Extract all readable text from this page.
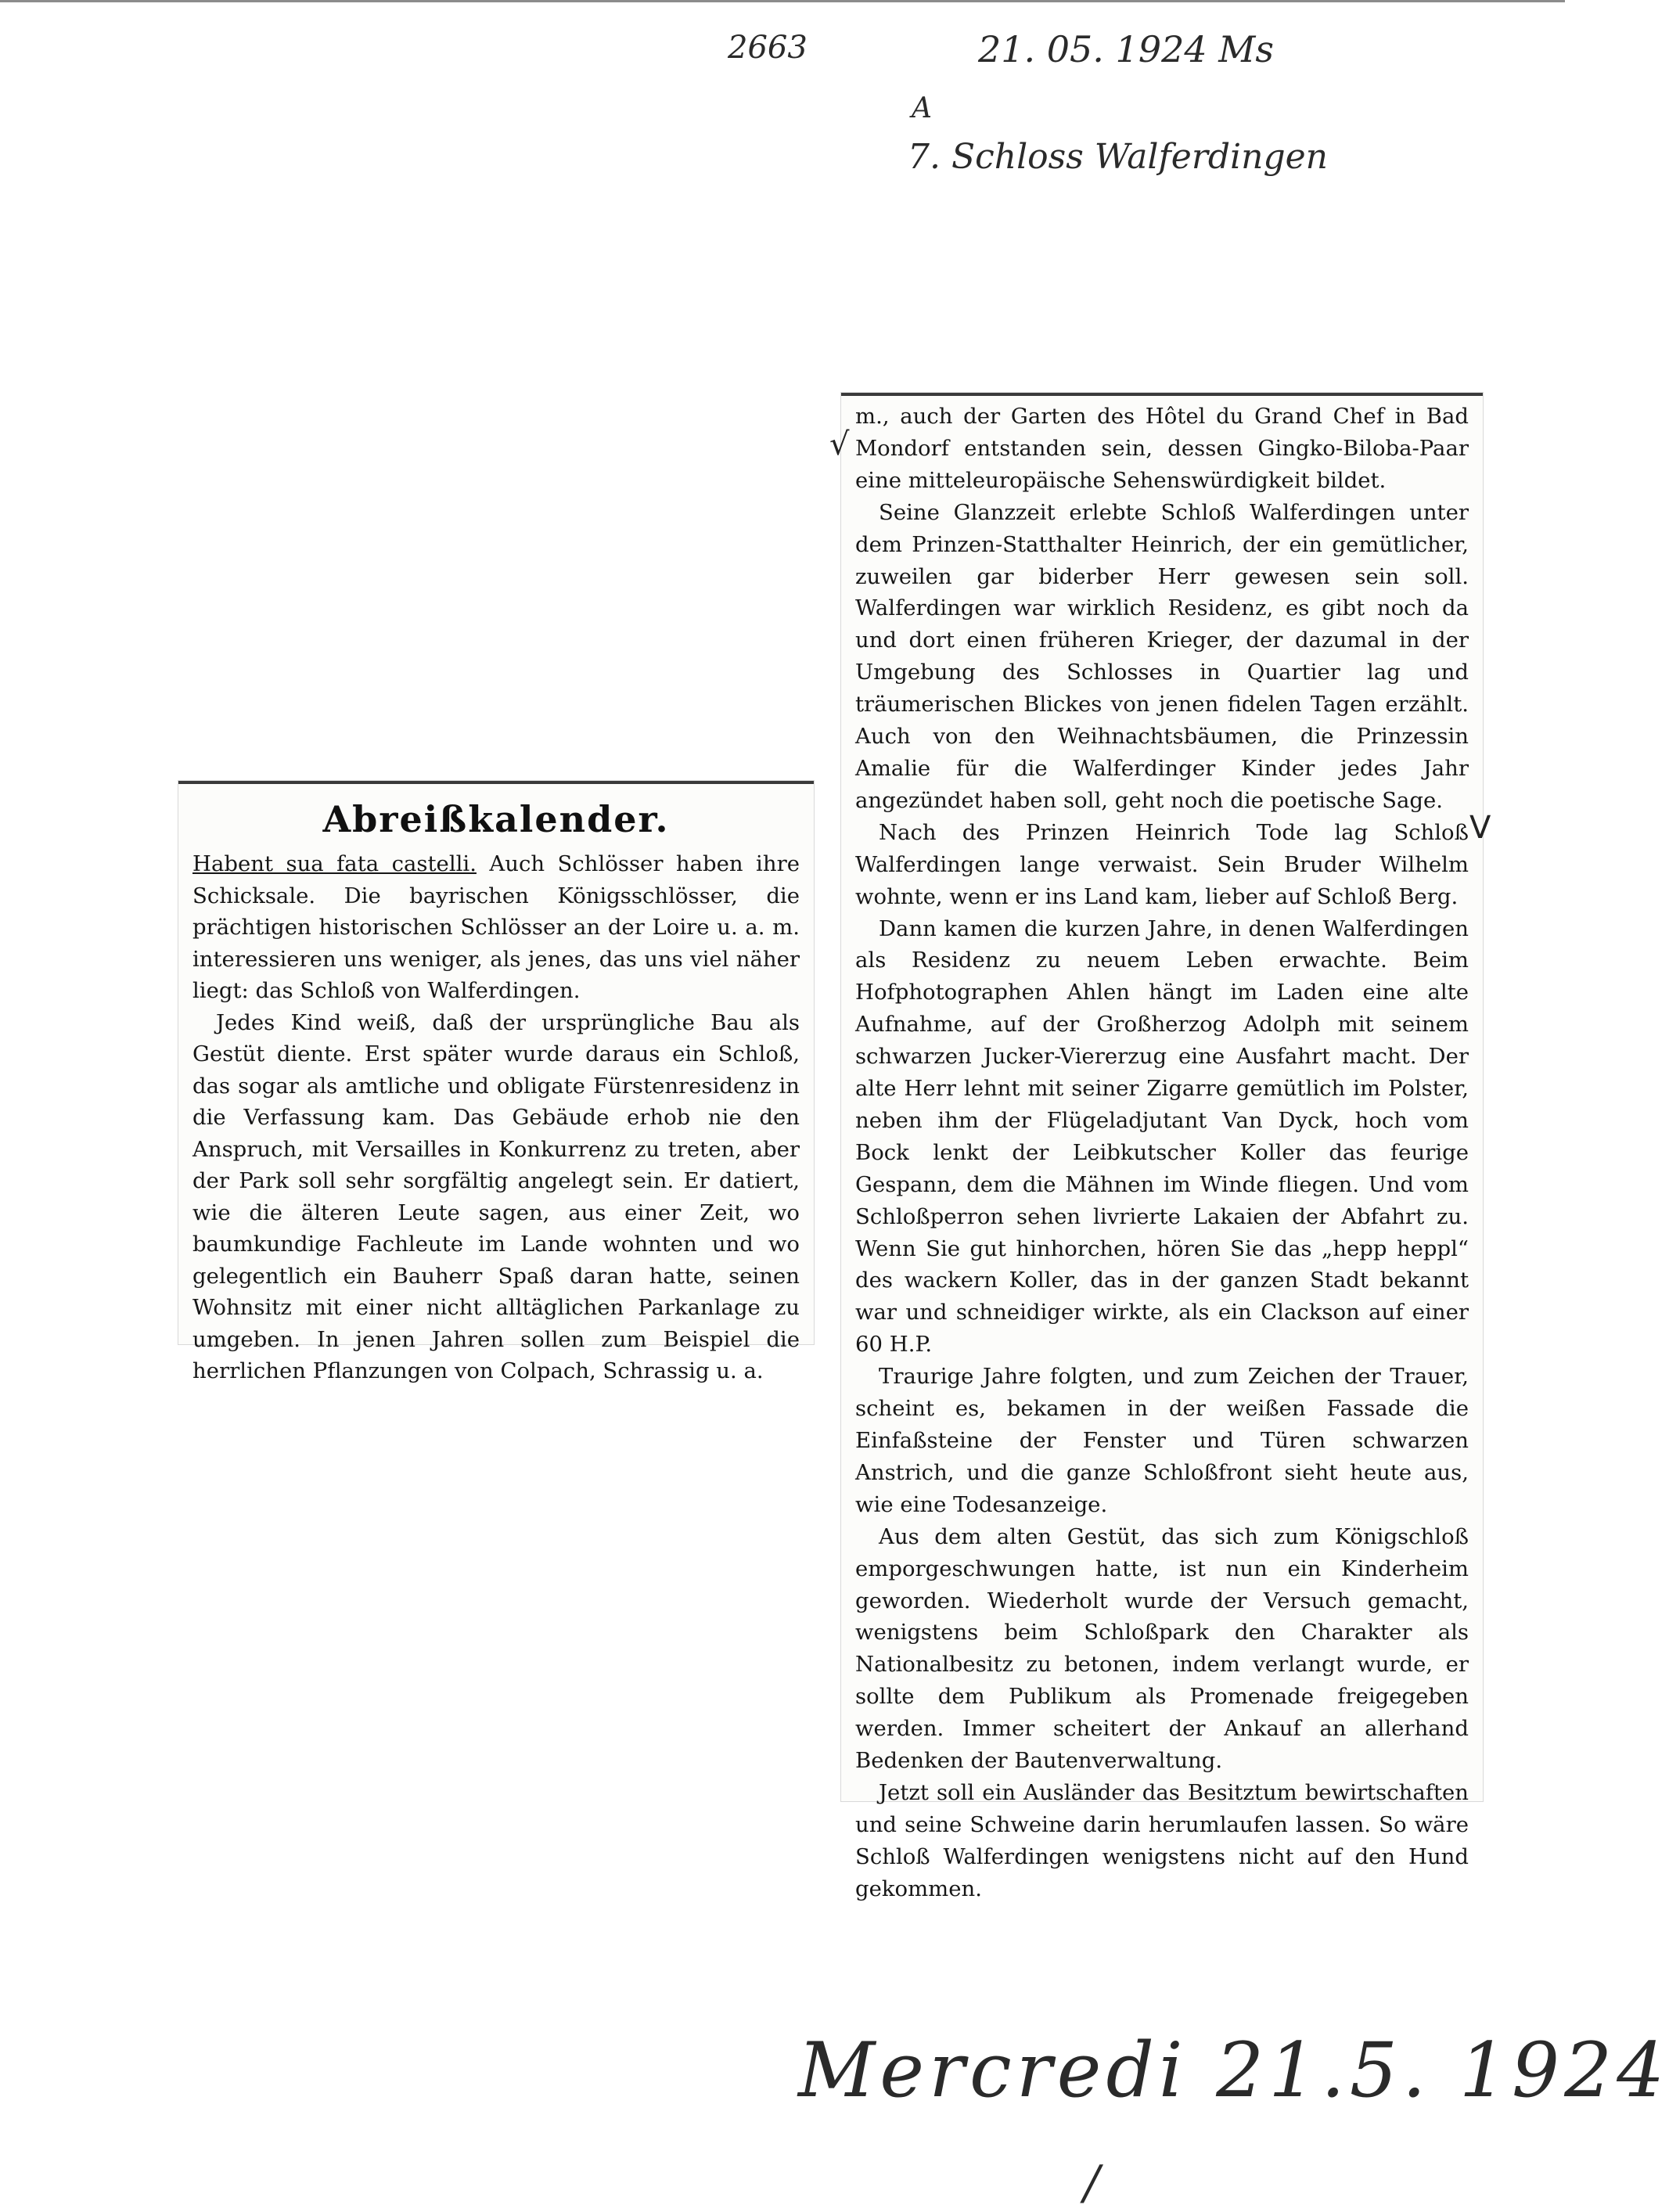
2663	21. 05. 1924 Ms
A
7. Schloss Walferdingen
Abreißkalender.

Habent sua fata castelli. Auch Schlösser haben ihre Schicksale. Die bayrischen Königsschlösser, die prächtigen historischen Schlösser an der Loire u. a. m. interessieren uns weniger, als jenes, das uns viel näher liegt: das Schloß von Walferdingen.

Jedes Kind weiß, daß der ursprüngliche Bau als Gestüt diente. Erst später wurde daraus ein Schloß, das sogar als amtliche und obligate Fürstenresidenz in die Verfassung kam. Das Gebäude erhob nie den Anspruch, mit Versailles in Konkurrenz zu treten, aber der Park soll sehr sorgfältig angelegt sein. Er datiert, wie die älteren Leute sagen, aus einer Zeit, wo baumkundige Fachleute im Lande wohnten und wo gelegentlich ein Bauherr Spaß daran hatte, seinen Wohnsitz mit einer nicht alltäglichen Parkanlage zu umgeben. In jenen Jahren sollen zum Beispiel die herrlichen Pflanzungen von Colpach, Schrassig u. a.

m., auch der Garten des Hôtel du Grand Chef in Bad Mondorf entstanden sein, dessen Gingko-Biloba-Paar eine mitteleuropäische Sehenswürdigkeit bildet.

Seine Glanzzeit erlebte Schloß Walferdingen unter dem Prinzen-Statthalter Heinrich, der ein gemütlicher, zuweilen gar biderber Herr gewesen sein soll. Walferdingen war wirklich Residenz, es gibt noch da und dort einen früheren Krieger, der dazumal in der Umgebung des Schlosses in Quartier lag und träumerischen Blickes von jenen fidelen Tagen erzählt. Auch von den Weihnachtsbäumen, die Prinzessin Amalie für die Walferdinger Kinder jedes Jahr angezündet haben soll, geht noch die poetische Sage.

Nach des Prinzen Heinrich Tode lag Schloß Walferdingen lange verwaist. Sein Bruder Wilhelm wohnte, wenn er ins Land kam, lieber auf Schloß Berg.

Dann kamen die kurzen Jahre, in denen Walferdingen als Residenz zu neuem Leben erwachte. Beim Hofphotographen Ahlen hängt im Laden eine alte Aufnahme, auf der Großherzog Adolph mit seinem schwarzen Jucker-Viererzug eine Ausfahrt macht. Der alte Herr lehnt mit seiner Zigarre gemütlich im Polster, neben ihm der Flügeladjutant Van Dyck, hoch vom Bock lenkt der Leibkutscher Koller das feurige Gespann, dem die Mähnen im Winde fliegen. Und vom Schloßperron sehen livrierte Lakaien der Abfahrt zu. Wenn Sie gut hinhorchen, hören Sie das „hepp heppl“ des wackern Koller, das in der ganzen Stadt bekannt war und schneidiger wirkte, als ein Clackson auf einer 60 H.P.

Traurige Jahre folgten, und zum Zeichen der Trauer, scheint es, bekamen in der weißen Fassade die Einfaßsteine der Fenster und Türen schwarzen Anstrich, und die ganze Schloßfront sieht heute aus, wie eine Todesanzeige.

Aus dem alten Gestüt, das sich zum Königschloß emporgeschwungen hatte, ist nun ein Kinderheim geworden. Wiederholt wurde der Versuch gemacht, wenigstens beim Schloßpark den Charakter als Nationalbesitz zu betonen, indem verlangt wurde, er sollte dem Publikum als Promenade freigegeben werden. Immer scheitert der Ankauf an allerhand Bedenken der Bautenverwaltung.

Jetzt soll ein Ausländer das Besitztum bewirtschaften und seine Schweine darin herumlaufen lassen. So wäre Schloß Walferdingen wenigstens nicht auf den Hund gekommen.

√
V
Mercredi 21.5. 1924
/
